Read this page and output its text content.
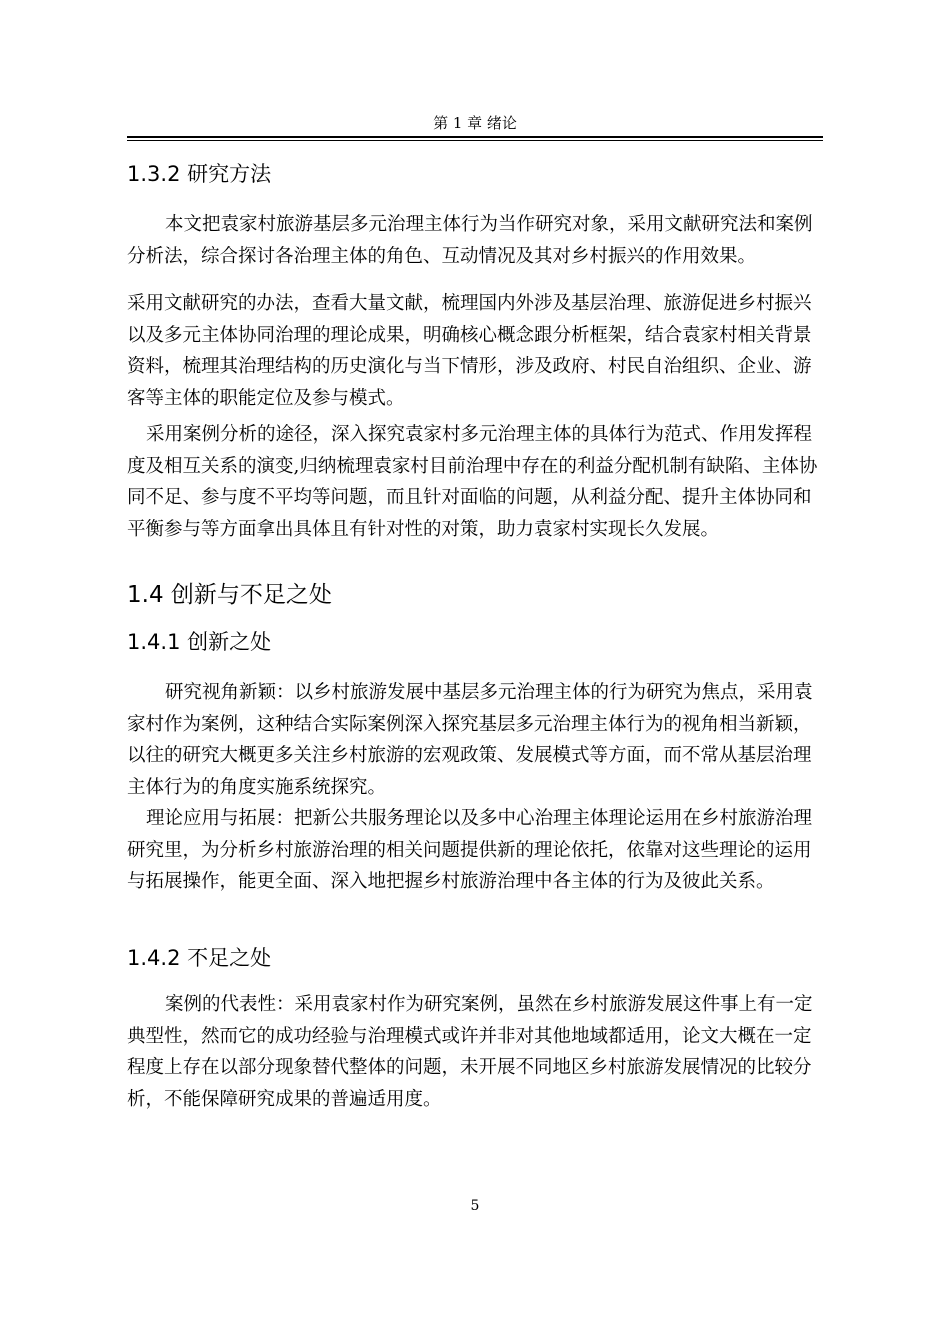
第 1 章 绪论
1.3.2 研究方法

本文把袁家村旅游基层多元治理主体行为当作研究对象，采用文献研究法和案例分析法，综合探讨各治理主体的角色、互动情况及其对乡村振兴的作用效果。

采用文献研究的办法，查看大量文献，梳理国内外涉及基层治理、旅游促进乡村振兴以及多元主体协同治理的理论成果，明确核心概念跟分析框架，结合袁家村相关背景资料，梳理其治理结构的历史演化与当下情形，涉及政府、村民自治组织、企业、游客等主体的职能定位及参与模式。

采用案例分析的途径，深入探究袁家村多元治理主体的具体行为范式、作用发挥程度及相互关系的演变,归纳梳理袁家村目前治理中存在的利益分配机制有缺陷、主体协同不足、参与度不平均等问题，而且针对面临的问题，从利益分配、提升主体协同和平衡参与等方面拿出具体且有针对性的对策，助力袁家村实现长久发展。

1.4 创新与不足之处
1.4.1 创新之处

研究视角新颖：以乡村旅游发展中基层多元治理主体的行为研究为焦点，采用袁家村作为案例，这种结合实际案例深入探究基层多元治理主体行为的视角相当新颖，以往的研究大概更多关注乡村旅游的宏观政策、发展模式等方面，而不常从基层治理主体行为的角度实施系统探究。

理论应用与拓展：把新公共服务理论以及多中心治理主体理论运用在乡村旅游治理研究里，为分析乡村旅游治理的相关问题提供新的理论依托，依靠对这些理论的运用与拓展操作，能更全面、深入地把握乡村旅游治理中各主体的行为及彼此关系。

1.4.2 不足之处

案例的代表性：采用袁家村作为研究案例，虽然在乡村旅游发展这件事上有一定典型性，然而它的成功经验与治理模式或许并非对其他地域都适用，论文大概在一定程度上存在以部分现象替代整体的问题，未开展不同地区乡村旅游发展情况的比较分析，不能保障研究成果的普遍适用度。

5
